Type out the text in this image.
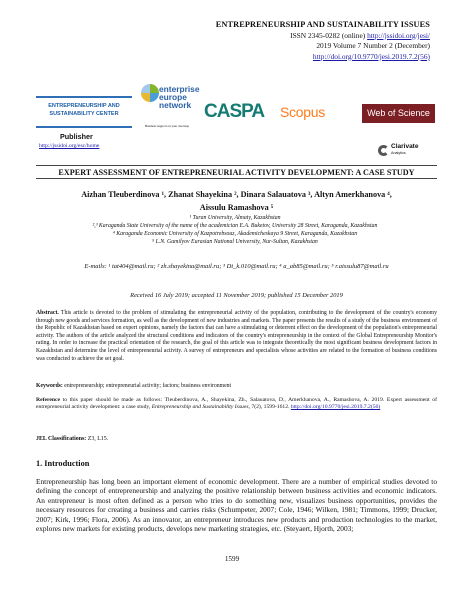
ENTREPRENEURSHIP AND SUSTAINABILITY ISSUES
ISSN 2345-0282 (online) http://jssidoi.org/jesi/
2019 Volume 7 Number 2 (December)
http://doi.org/10.9770/jesi.2019.7.2(56)
ENTREPRENEURSHIP AND
SUSTAINABILITY CENTER
Publisher
http://jssidoi.org/esc/home
enterprise europe network
Business support on your doorstep
CASPA Scopus	Web of Science
Clarivate
Analytics
EXPERT ASSESSMENT OF ENTREPRENEURIAL ACTIVITY DEVELOPMENT: A CASE STUDY
Aizhan Tleuberdinova ¹, Zhanat Shayekina ², Dinara Salauatova ³, Altyn Amerkhanova ⁴,
Aissulu Ramashova ⁵
¹ Turan University, Almaty, Kazakhstan
²,³ Karaganda State University of the name of the academician E.A. Buketov, University 28 Street, Karaganda, Kazakhstan
⁴ Karaganda Economic University of Kazpotrebsouz, Akademicheskaya 9 Street, Karaganda, Kazakhstan
⁵ L.N. Gumilyov Eurasian National University, Nur-Sultan, Kazakhstan
E-mails: ¹ tat404@mail.ru; ² zh.shayekina@mail.ru; ³ Di_k.010@mail.ru; ⁴ a_ab85@mail.ru; ⁵ r.aissulu87@mail.ru
Received 16 July 2019; accepted 11 November 2019; published 15 December 2019
Abstract. This article is devoted to the problem of stimulating the entrepreneurial activity of the population, contributing to the development of the country's economy through new goods and services formation, as well as the development of new industries and markets. The paper presents the results of a study of the business environment of the Republic of Kazakhstan based on expert opinions, namely the factors that can have a stimulating or deterrent effect on the development of the population's entrepreneurial activity. The authors of the article analyzed the structural conditions and indicators of the country's entrepreneurship in the context of the Global Entrepreneurship Monitor's rating. In order to increase the practical orientation of the research, the goal of this article was to integrate theoretically the most significant business development factors in Kazakhstan and determine the level of entrepreneurial activity. A survey of entrepreneurs and specialists whose activities are related to the formation of business conditions was conducted to achieve the set goal.
Keywords: entrepreneurship; entrepreneurial activity; factors; business environment
Reference to this paper should be made as follows: Tleuberdinova, A., Shayekina, Zh., Salauatova, D., Amerkhanova, A., Ramashova, A. 2019. Expert assessment of entrepreneurial activity development: a case study, Entrepreneurship and Sustainability Issues, 7(2), 1599-1612. http://doi.org/10.9770/jesi.2019.7.2(56)
JEL Classifications: Z3, L15.
1. Introduction
Entrepreneurship has long been an important element of economic development. There are a number of empirical studies devoted to defining the concept of entrepreneurship and analyzing the positive relationship between business activities and economic indicators. An entrepreneur is most often defined as a person who tries to do something new, visualizes business opportunities, provides the necessary resources for creating a business and carries risks (Schumpeter, 2007; Cole, 1946; Wilken, 1981; Timmons, 1999; Drucker, 2007; Kirk, 1996; Flora, 2006). As an innovator, an entrepreneur introduces new products and production technologies to the market, explores new markets for existing products, develops new marketing strategies, etc. (Steyaert, Hjorth, 2003;
1599
